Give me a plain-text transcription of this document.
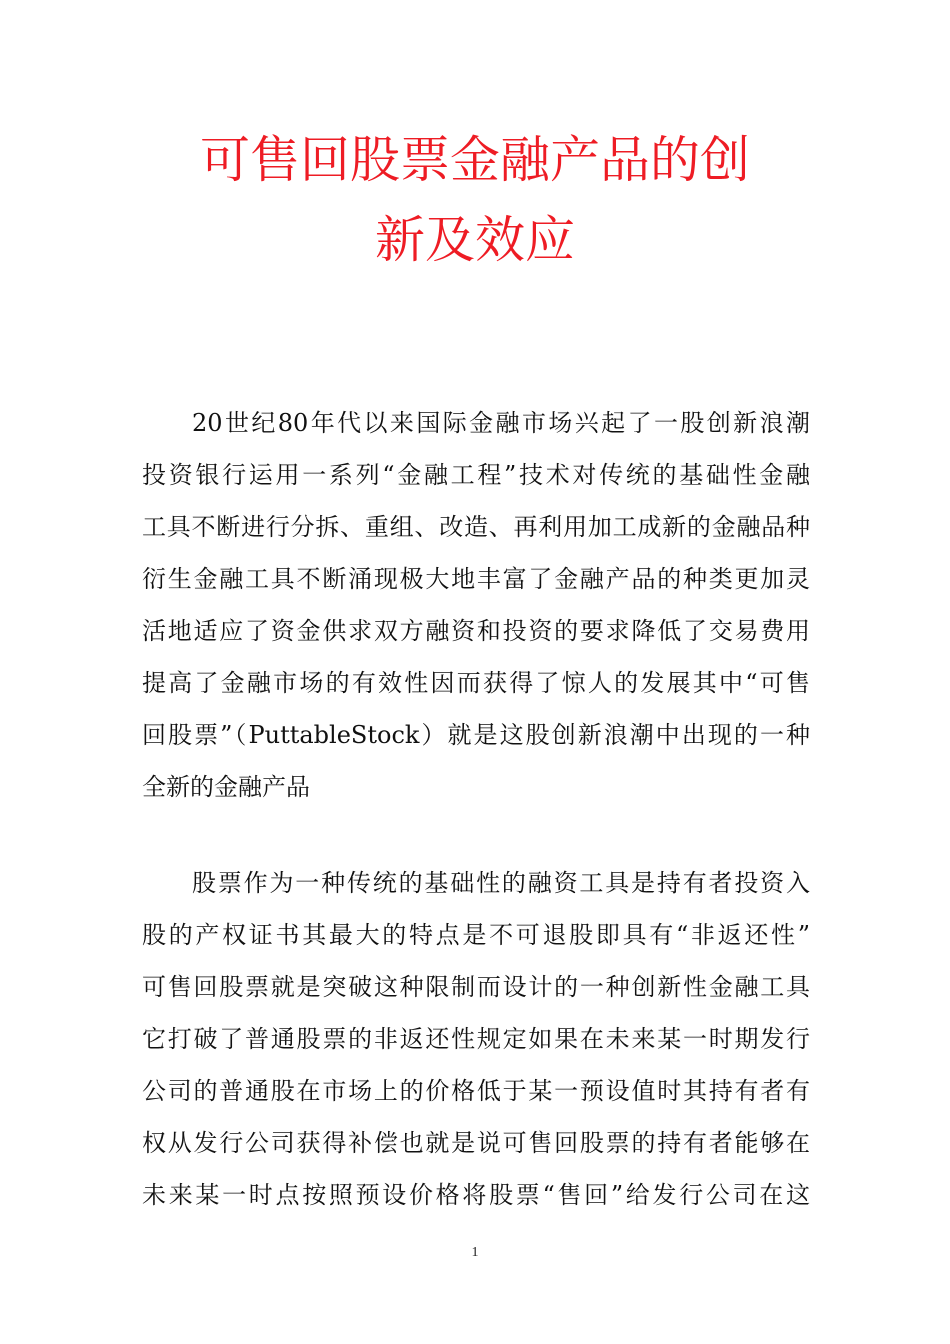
可售回股票金融产品的创
新及效应
20世纪80年代以来国际金融市场兴起了一股创新浪潮
投资银行运用一系列“金融工程”技术对传统的基础性金融
工具不断进行分拆、重组、改造、再利用加工成新的金融品种
衍生金融工具不断涌现极大地丰富了金融产品的种类更加灵
活地适应了资金供求双方融资和投资的要求降低了交易费用
提高了金融市场的有效性因而获得了惊人的发展其中“可售
回股票”（PuttableStock）就是这股创新浪潮中出现的一种
全新的金融产品
股票作为一种传统的基础性的融资工具是持有者投资入
股的产权证书其最大的特点是不可退股即具有“非返还性”
可售回股票就是突破这种限制而设计的一种创新性金融工具
它打破了普通股票的非返还性规定如果在未来某一时期发行
公司的普通股在市场上的价格低于某一预设值时其持有者有
权从发行公司获得补偿也就是说可售回股票的持有者能够在
未来某一时点按照预设价格将股票“售回”给发行公司在这
1
